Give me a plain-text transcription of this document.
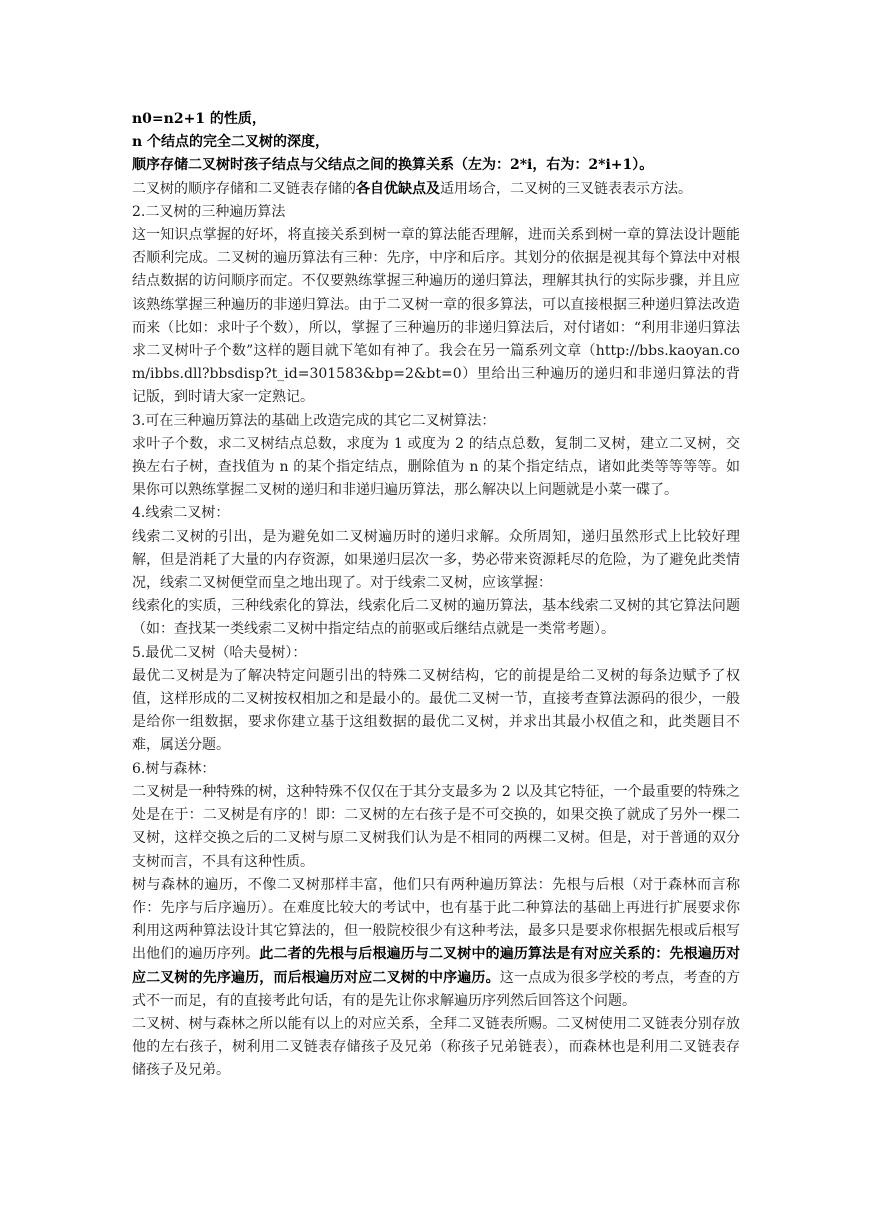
n0=n2+1 的性质，

n 个结点的完全二叉树的深度，

顺序存储二叉树时孩子结点与父结点之间的换算关系（左为：2*i，右为：2*i+1）。

二叉树的顺序存储和二叉链表存储的各自优缺点及适用场合，二叉树的三叉链表表示方法。

2.二叉树的三种遍历算法

这一知识点掌握的好坏，将直接关系到树一章的算法能否理解，进而关系到树一章的算法设计题能否顺利完成。二叉树的遍历算法有三种：先序，中序和后序。其划分的依据是视其每个算法中对根结点数据的访问顺序而定。不仅要熟练掌握三种遍历的递归算法，理解其执行的实际步骤，并且应该熟练掌握三种遍历的非递归算法。由于二叉树一章的很多算法，可以直接根据三种递归算法改造而来（比如：求叶子个数），所以，掌握了三种遍历的非递归算法后，对付诸如：“利用非递归算法求二叉树叶子个数”这样的题目就下笔如有神了。我会在另一篇系列文章（http://bbs.kaoyan.com/ibbs.dll?bbsdisp?t_id=301583&bp=2&bt=0）里给出三种遍历的递归和非递归算法的背记版，到时请大家一定熟记。

3.可在三种遍历算法的基础上改造完成的其它二叉树算法：

求叶子个数，求二叉树结点总数，求度为 1 或度为 2 的结点总数，复制二叉树，建立二叉树，交换左右子树，查找值为 n 的某个指定结点，删除值为 n 的某个指定结点，诸如此类等等等等。如果你可以熟练掌握二叉树的递归和非递归遍历算法，那么解决以上问题就是小菜一碟了。

4.线索二叉树：

线索二叉树的引出，是为避免如二叉树遍历时的递归求解。众所周知，递归虽然形式上比较好理解，但是消耗了大量的内存资源，如果递归层次一多，势必带来资源耗尽的危险，为了避免此类情况，线索二叉树便堂而皇之地出现了。对于线索二叉树，应该掌握：

线索化的实质，三种线索化的算法，线索化后二叉树的遍历算法，基本线索二叉树的其它算法问题（如：查找某一类线索二叉树中指定结点的前驱或后继结点就是一类常考题）。

5.最优二叉树（哈夫曼树）：

最优二叉树是为了解决特定问题引出的特殊二叉树结构，它的前提是给二叉树的每条边赋予了权值，这样形成的二叉树按权相加之和是最小的。最优二叉树一节，直接考查算法源码的很少，一般是给你一组数据，要求你建立基于这组数据的最优二叉树，并求出其最小权值之和，此类题目不难，属送分题。

6.树与森林：

二叉树是一种特殊的树，这种特殊不仅仅在于其分支最多为 2 以及其它特征，一个最重要的特殊之处是在于：二叉树是有序的！即：二叉树的左右孩子是不可交换的，如果交换了就成了另外一棵二叉树，这样交换之后的二叉树与原二叉树我们认为是不相同的两棵二叉树。但是，对于普通的双分支树而言，不具有这种性质。

树与森林的遍历，不像二叉树那样丰富，他们只有两种遍历算法：先根与后根（对于森林而言称作：先序与后序遍历）。在难度比较大的考试中，也有基于此二种算法的基础上再进行扩展要求你利用这两种算法设计其它算法的，但一般院校很少有这种考法，最多只是要求你根据先根或后根写出他们的遍历序列。此二者的先根与后根遍历与二叉树中的遍历算法是有对应关系的：先根遍历对应二叉树的先序遍历，而后根遍历对应二叉树的中序遍历。这一点成为很多学校的考点，考查的方式不一而足，有的直接考此句话，有的是先让你求解遍历序列然后回答这个问题。

二叉树、树与森林之所以能有以上的对应关系，全拜二叉链表所赐。二叉树使用二叉链表分别存放他的左右孩子，树利用二叉链表存储孩子及兄弟（称孩子兄弟链表），而森林也是利用二叉链表存储孩子及兄弟。
